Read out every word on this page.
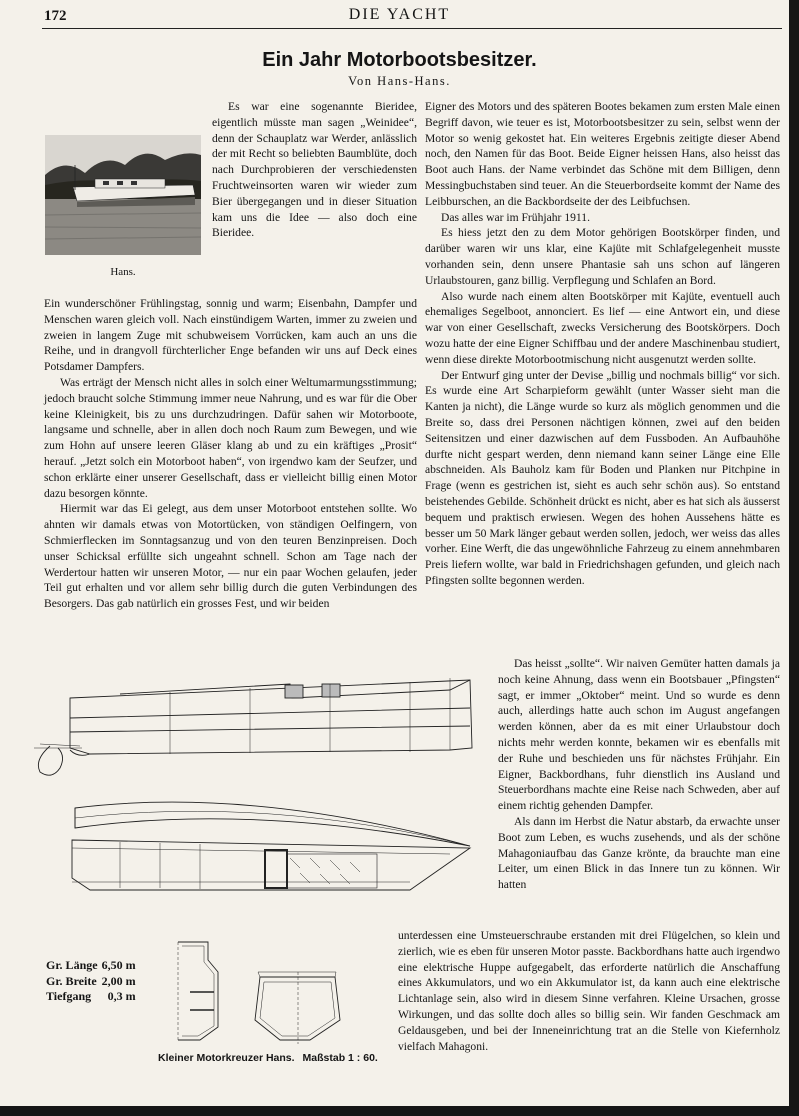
172	DIE YACHT
Ein Jahr Motorbootsbesitzer.
Von Hans-Hans.
Hans.

Es war eine sogenannte Bieridee, eigentlich müsste man sagen „Weinidee“, denn der Schauplatz war Werder, anlässlich der mit Recht so beliebten Baumblüte, doch nach Durchprobieren der verschiedensten Fruchtweinsorten waren wir wieder zum Bier übergegangen und in dieser Situation kam uns die Idee — also doch eine Bieridee.

Ein wunderschöner Frühlingstag, sonnig und warm; Eisenbahn, Dampfer und Menschen waren gleich voll. Nach einstündigem Warten, immer zu zweien und zweien in langem Zuge mit schubweisem Vorrücken, kam auch an uns die Reihe, und in drangvoll fürchterlicher Enge befanden wir uns auf Deck eines Potsdamer Dampfers.

Was erträgt der Mensch nicht alles in solch einer Weltumarmungsstimmung; jedoch braucht solche Stimmung immer neue Nahrung, und es war für die Ober keine Kleinigkeit, bis zu uns durchzudringen. Dafür sahen wir Motorboote, langsame und schnelle, aber in allen doch noch Raum zum Bewegen, und wie zum Hohn auf unsere leeren Gläser klang ab und zu ein kräftiges „Prosit“ herauf. „Jetzt solch ein Motorboot haben“, von irgendwo kam der Seufzer, und schon erklärte einer unserer Gesellschaft, dass er vielleicht billig einen Motor dazu besorgen könnte.

Hiermit war das Ei gelegt, aus dem unser Motorboot entstehen sollte. Wo ahnten wir damals etwas von Motortücken, von ständigen Oelfingern, von Schmierflecken im Sonntagsanzug und von den teuren Benzinpreisen. Doch unser Schicksal erfüllte sich ungeahnt schnell. Schon am Tage nach der Werdertour hatten wir unseren Motor, — nur ein paar Wochen gelaufen, jeder Teil gut erhalten und vor allem sehr billig durch die guten Verbindungen des Besorgers. Das gab natürlich ein grosses Fest, und wir beiden

Eigner des Motors und des späteren Bootes bekamen zum ersten Male einen Begriff davon, wie teuer es ist, Motorbootsbesitzer zu sein, selbst wenn der Motor so wenig gekostet hat. Ein weiteres Ergebnis zeitigte dieser Abend noch, den Namen für das Boot. Beide Eigner heissen Hans, also heisst das Boot auch Hans. der Name verbindet das Schöne mit dem Billigen, denn Messingbuchstaben sind teuer. An die Steuerbordseite kommt der Name des Leibburschen, an die Backbordseite der des Leibfuchsen.

Das alles war im Frühjahr 1911.

Es hiess jetzt den zu dem Motor gehörigen Bootskörper finden, und darüber waren wir uns klar, eine Kajüte mit Schlafgelegenheit musste vorhanden sein, denn unsere Phantasie sah uns schon auf längeren Urlaubstouren, ganz billig. Verpflegung und Schlafen an Bord.

Also wurde nach einem alten Bootskörper mit Kajüte, eventuell auch ehemaliges Segelboot, annonciert. Es lief — eine Antwort ein, und diese war von einer Gesellschaft, zwecks Versicherung des Bootskörpers. Doch wozu hatte der eine Eigner Schiffbau und der andere Maschinenbau studiert, wenn diese direkte Motorbootmischung nicht ausgenutzt werden sollte.

Der Entwurf ging unter der Devise „billig und nochmals billig“ vor sich. Es wurde eine Art Scharpieform gewählt (unter Wasser sieht man die Kanten ja nicht), die Länge wurde so kurz als möglich genommen und die Breite so, dass drei Personen nächtigen können, zwei auf den beiden Seitensitzen und einer dazwischen auf dem Fussboden. An Aufbauhöhe durfte nicht gespart werden, denn niemand kann seiner Länge eine Elle abschneiden. Als Bauholz kam für Boden und Planken nur Pitchpine in Frage (wenn es gestrichen ist, sieht es auch sehr schön aus). So entstand beistehendes Gebilde. Schönheit drückt es nicht, aber es hat sich als äusserst bequem und praktisch erwiesen. Wegen des hohen Aussehens hätte es besser um 50 Mark länger gebaut werden sollen, jedoch, wer weiss das alles vorher. Eine Werft, die das ungewöhnliche Fahrzeug zu einem annehmbaren Preis liefern wollte, war bald in Friedrichshagen gefunden, und gleich nach Pfingsten sollte begonnen werden.

Das heisst „sollte“. Wir naiven Gemüter hatten damals ja noch keine Ahnung, dass wenn ein Bootsbauer „Pfingsten“ sagt, er immer „Oktober“ meint. Und so wurde es denn auch, allerdings hatte auch schon im August angefangen werden können, aber da es mit einer Urlaubstour doch nichts mehr werden konnte, bekamen wir es ebenfalls mit der Ruhe und beschieden uns für nächstes Frühjahr. Ein Eigner, Backbordhans, fuhr dienstlich ins Ausland und Steuerbordhans machte eine Reise nach Schweden, aber auf einem richtig gehenden Dampfer.

Als dann im Herbst die Natur abstarb, da erwachte unser Boot zum Leben, es wuchs zusehends, und als der schöne Mahagoniaufbau das Ganze krönte, da brauchte man eine Leiter, um einen Blick in das Innere tun zu können. Wir hatten

unterdessen eine Umsteuerschraube erstanden mit drei Flügelchen, so klein und zierlich, wie es eben für unseren Motor passte. Backbordhans hatte auch irgendwo eine elektrische Huppe aufgegabelt, das erforderte natürlich die Anschaffung eines Akkumulators, und wo ein Akkumulator ist, da kann auch eine elektrische Lichtanlage sein, also wird in diesem Sinne verfahren. Kleine Ursachen, grosse Wirkungen, und das sollte doch alles so billig sein. Wir fanden Geschmack am Geldausgeben, und bei der Inneneinrichtung trat an die Stelle von Kiefernholz vielfach Mahagoni.

Gr. Länge	6,50 m
Gr. Breite	2,00 m
Tiefgang	0,3 m
Kleiner Motorkreuzer Hans. Maßstab 1 : 60.
